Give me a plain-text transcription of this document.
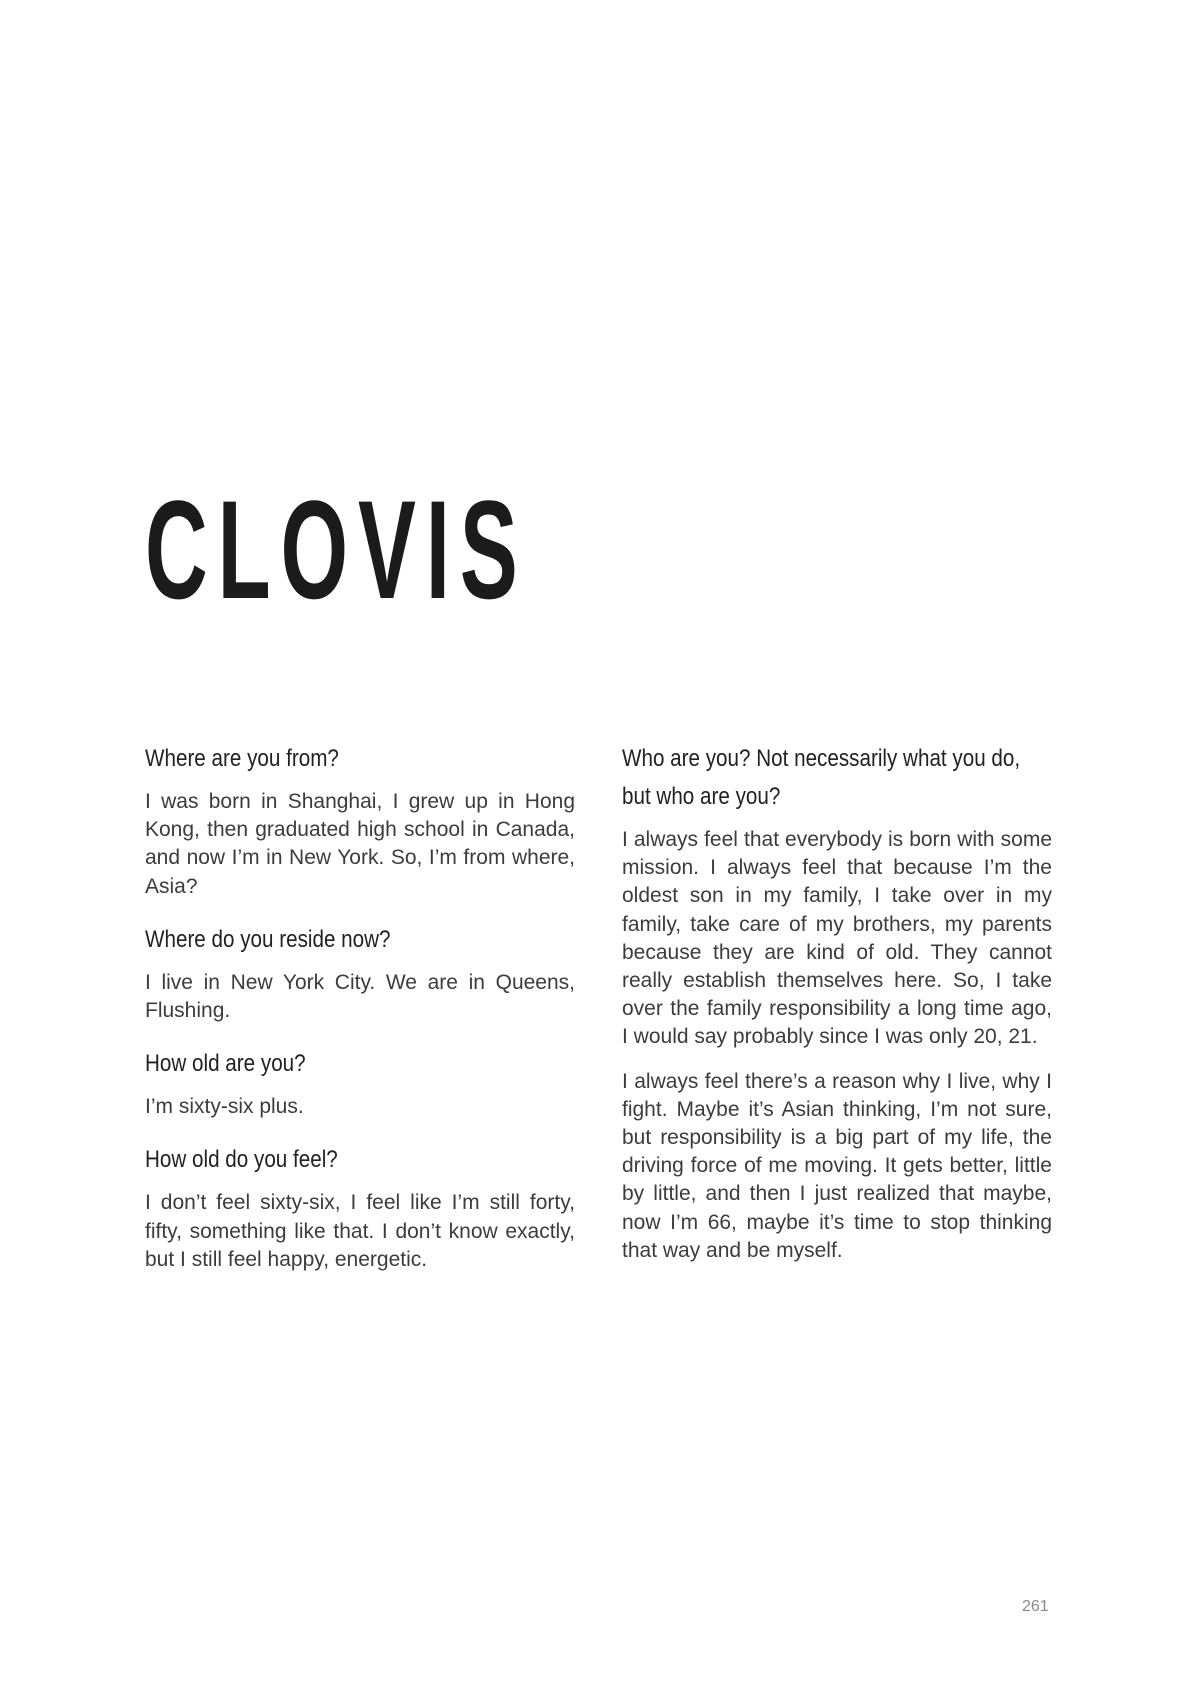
CLOVIS
Where are you from?

I was born in Shanghai, I grew up in Hong Kong, then graduated high school in Canada, and now I’m in New York. So, I’m from where, Asia?

Where do you reside now?

I live in New York City. We are in Queens, Flushing.

How old are you?

I’m sixty-six plus.

How old do you feel?

I don’t feel sixty-six, I feel like I’m still forty, fifty, something like that. I don’t know exactly, but I still feel happy, energetic.

Who are you? Not necessarily what you do, but who are you?

I always feel that everybody is born with some mission. I always feel that because I’m the oldest son in my family, I take over in my family, take care of my brothers, my parents because they are kind of old. They cannot really establish themselves here. So, I take over the family responsibility a long time ago, I would say probably since I was only 20, 21.

I always feel there’s a reason why I live, why I fight. Maybe it’s Asian thinking, I’m not sure, but responsibility is a big part of my life, the driving force of me moving. It gets better, little by little, and then I just realized that maybe, now I’m 66, maybe it’s time to stop thinking that way and be myself.

261
